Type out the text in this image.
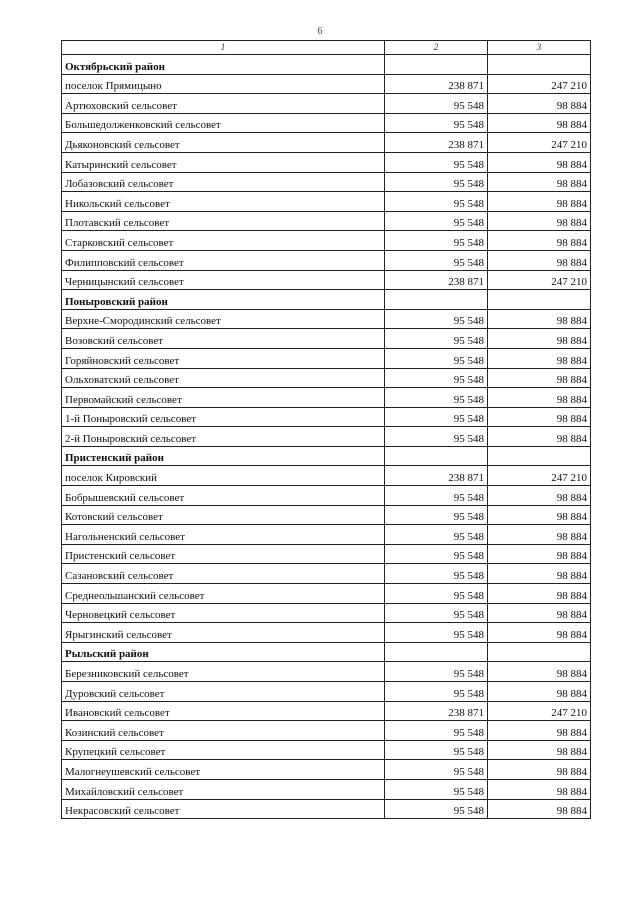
6
1	2	3
Октябрьский район		
поселок Прямицыно	238 871	247 210
Артюховский сельсовет	95 548	98 884
Большедолженковский сельсовет	95 548	98 884
Дьяконовский сельсовет	238 871	247 210
Катыринский сельсовет	95 548	98 884
Лобазовский сельсовет	95 548	98 884
Никольский сельсовет	95 548	98 884
Плотавский сельсовет	95 548	98 884
Старковский сельсовет	95 548	98 884
Филипповский сельсовет	95 548	98 884
Черницынский сельсовет	238 871	247 210
Поныровский район		
Верхне-Смородинский сельсовет	95 548	98 884
Возовский сельсовет	95 548	98 884
Горяйновский сельсовет	95 548	98 884
Ольховатский сельсовет	95 548	98 884
Первомайский сельсовет	95 548	98 884
1-й Поныровский сельсовет	95 548	98 884
2-й Поныровский сельсовет	95 548	98 884
Пристенский район		
поселок Кировский	238 871	247 210
Бобрышевский сельсовет	95 548	98 884
Котовский сельсовет	95 548	98 884
Нагольненский сельсовет	95 548	98 884
Пристенский сельсовет	95 548	98 884
Сазановский сельсовет	95 548	98 884
Среднеольшанский сельсовет	95 548	98 884
Черновецкий сельсовет	95 548	98 884
Ярыгинский сельсовет	95 548	98 884
Рыльский район		
Березниковский сельсовет	95 548	98 884
Дуровский сельсовет	95 548	98 884
Ивановский сельсовет	238 871	247 210
Козинский сельсовет	95 548	98 884
Крупецкий сельсовет	95 548	98 884
Малогнеушевский сельсовет	95 548	98 884
Михайловский сельсовет	95 548	98 884
Некрасовский сельсовет	95 548	98 884
